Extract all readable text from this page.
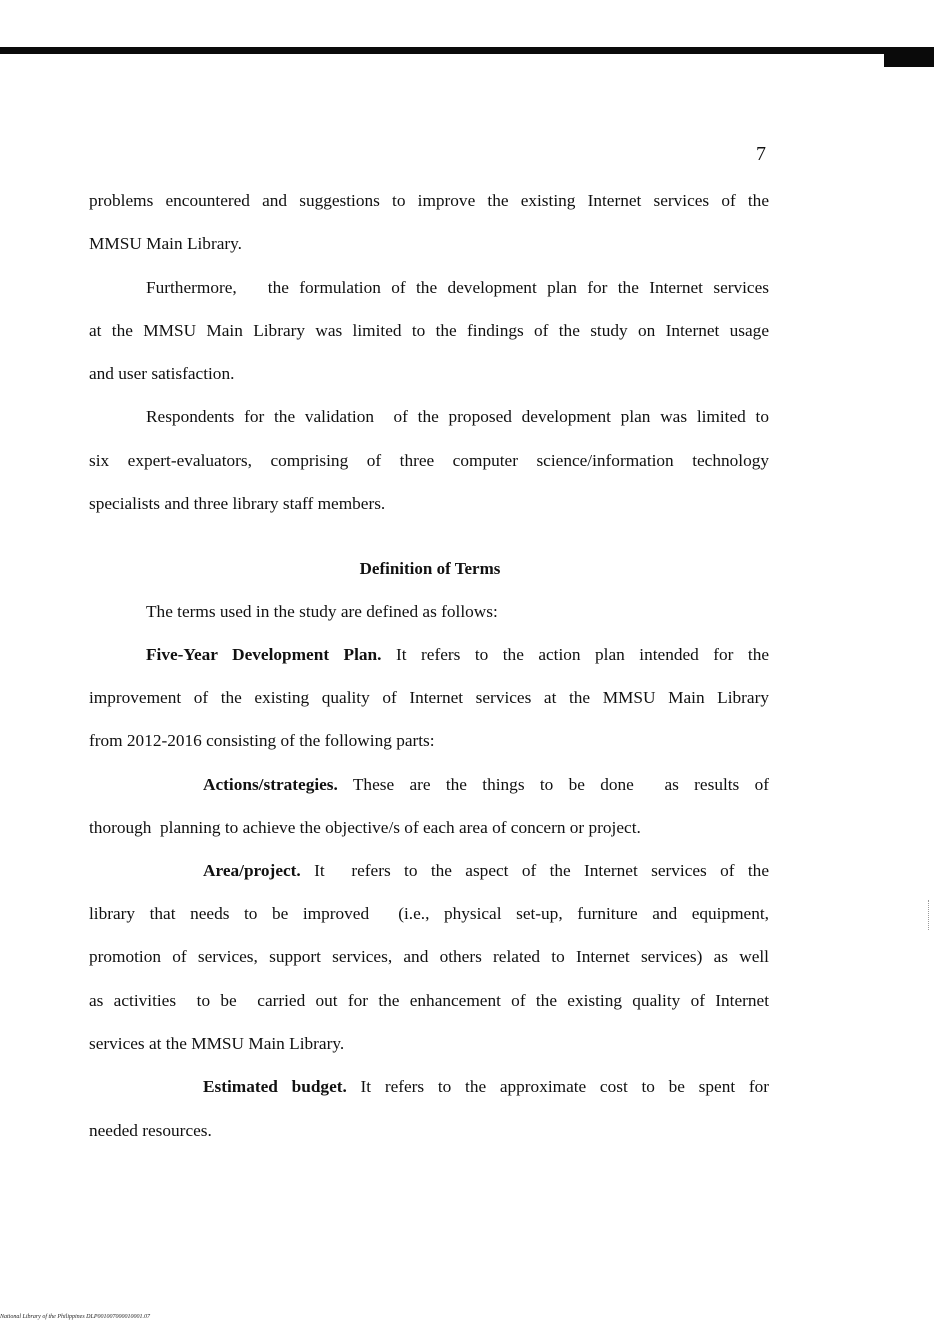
7
problems encountered and suggestions to improve the existing Internet services of the
MMSU Main Library.
Furthermore,   the formulation of the development plan for the Internet services
at the MMSU Main Library was limited to the findings of the study on Internet usage
and user satisfaction.
Respondents for the validation  of the proposed development plan was limited to
six expert-evaluators, comprising of three computer science/information technology
specialists and three library staff members.
Definition of Terms
The terms used in the study are defined as follows:
Five-Year Development Plan. It refers to the action plan intended for the
improvement of the existing quality of Internet services at the MMSU Main Library
from 2012-2016 consisting of the following parts:
Actions/strategies. These are the things to be done  as results of
thorough  planning to achieve the objective/s of each area of concern or project.
Area/project. It  refers to the aspect of the Internet services of the
library that needs to be improved  (i.e., physical set-up, furniture and equipment,
promotion of services, support services, and others related to Internet services) as well
as activities  to be  carried out for the enhancement of the existing quality of Internet
services at the MMSU Main Library.
Estimated budget. It refers to the approximate cost to be spent for
needed resources.
National Library of the Philippines DLP001007000010001.07
